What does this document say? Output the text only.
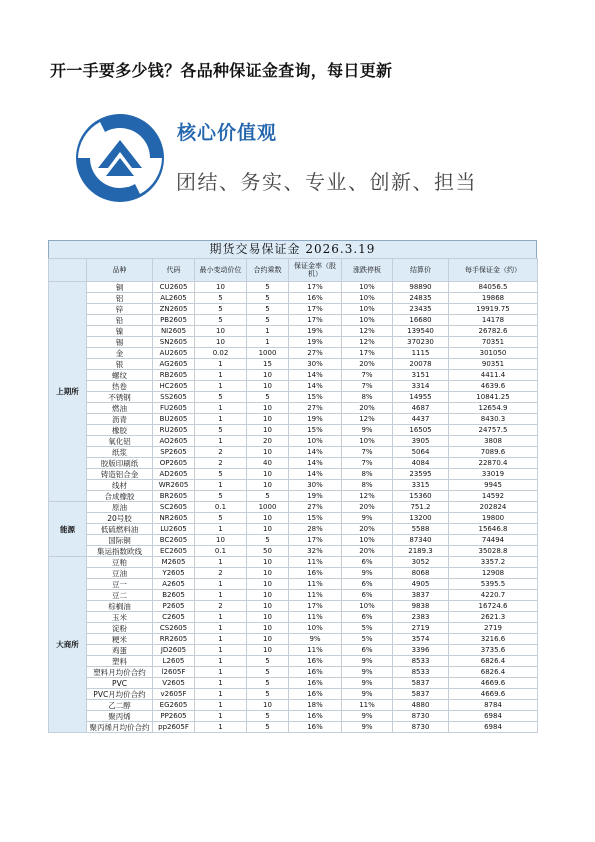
开一手要多少钱？各品种保证金查询，每日更新

核心价值观

团结、务实、专业、创新、担当

期货交易保证金 2026.3.19
	品种	代码	最小变动价位	合约乘数	保证金率（股机）	涨跌停板	结算价	每手保证金（约）
上期所	铜	CU2605	10	5	17%	10%	98890	84056.5
	铝	AL2605	5	5	16%	10%	24835	19868
	锌	ZN2605	5	5	17%	10%	23435	19919.75
	铅	PB2605	5	5	17%	10%	16680	14178
	镍	NI2605	10	1	19%	12%	139540	26782.6
	锡	SN2605	10	1	19%	12%	370230	70351
	金	AU2605	0.02	1000	27%	17%	1115	301050
	银	AG2605	1	15	30%	20%	20078	90351
	螺纹	RB2605	1	10	14%	7%	3151	4411.4
	热卷	HC2605	1	10	14%	7%	3314	4639.6
	不锈钢	SS2605	5	5	15%	8%	14955	10841.25
	燃油	FU2605	1	10	27%	20%	4687	12654.9
	沥青	BU2605	1	10	19%	12%	4437	8430.3
	橡胶	RU2605	5	10	15%	9%	16505	24757.5
	氧化铝	AO2605	1	20	10%	10%	3905	3808
	纸浆	SP2605	2	10	14%	7%	5064	7089.6
	胶版印刷纸	OP2605	2	40	14%	7%	4084	22870.4
	铸造铝合金	AD2605	5	10	14%	8%	23595	33019
	线材	WR2605	1	10	30%	8%	3315	9945
	合成橡胶	BR2605	5	5	19%	12%	15360	14592
能源	原油	SC2605	0.1	1000	27%	20%	751.2	202824
	20号胶	NR2605	5	10	15%	9%	13200	19800
	低硫燃料油	LU2605	1	10	28%	20%	5588	15646.8
	国际铜	BC2605	10	5	17%	10%	87340	74494
	集运指数欧线	EC2605	0.1	50	32%	20%	2189.3	35028.8
大商所	豆粕	M2605	1	10	11%	6%	3052	3357.2
	豆油	Y2605	2	10	16%	9%	8068	12908
	豆一	A2605	1	10	11%	6%	4905	5395.5
	豆二	B2605	1	10	11%	6%	3837	4220.7
	棕榈油	P2605	2	10	17%	10%	9838	16724.6
	玉米	C2605	1	10	11%	6%	2383	2621.3
	淀粉	CS2605	1	10	10%	5%	2719	2719
	粳米	RR2605	1	10	9%	5%	3574	3216.6
	鸡蛋	JD2605	1	10	11%	6%	3396	3735.6
	塑料	L2605	1	5	16%	9%	8533	6826.4
	塑料月均价合约	l2605F	1	5	16%	9%	8533	6826.4
	PVC	V2605	1	5	16%	9%	5837	4669.6
	PVC月均价合约	v2605F	1	5	16%	9%	5837	4669.6
	乙二醇	EG2605	1	10	18%	11%	4880	8784
	聚丙烯	PP2605	1	5	16%	9%	8730	6984
	聚丙烯月均价合约	pp2605F	1	5	16%	9%	8730	6984
